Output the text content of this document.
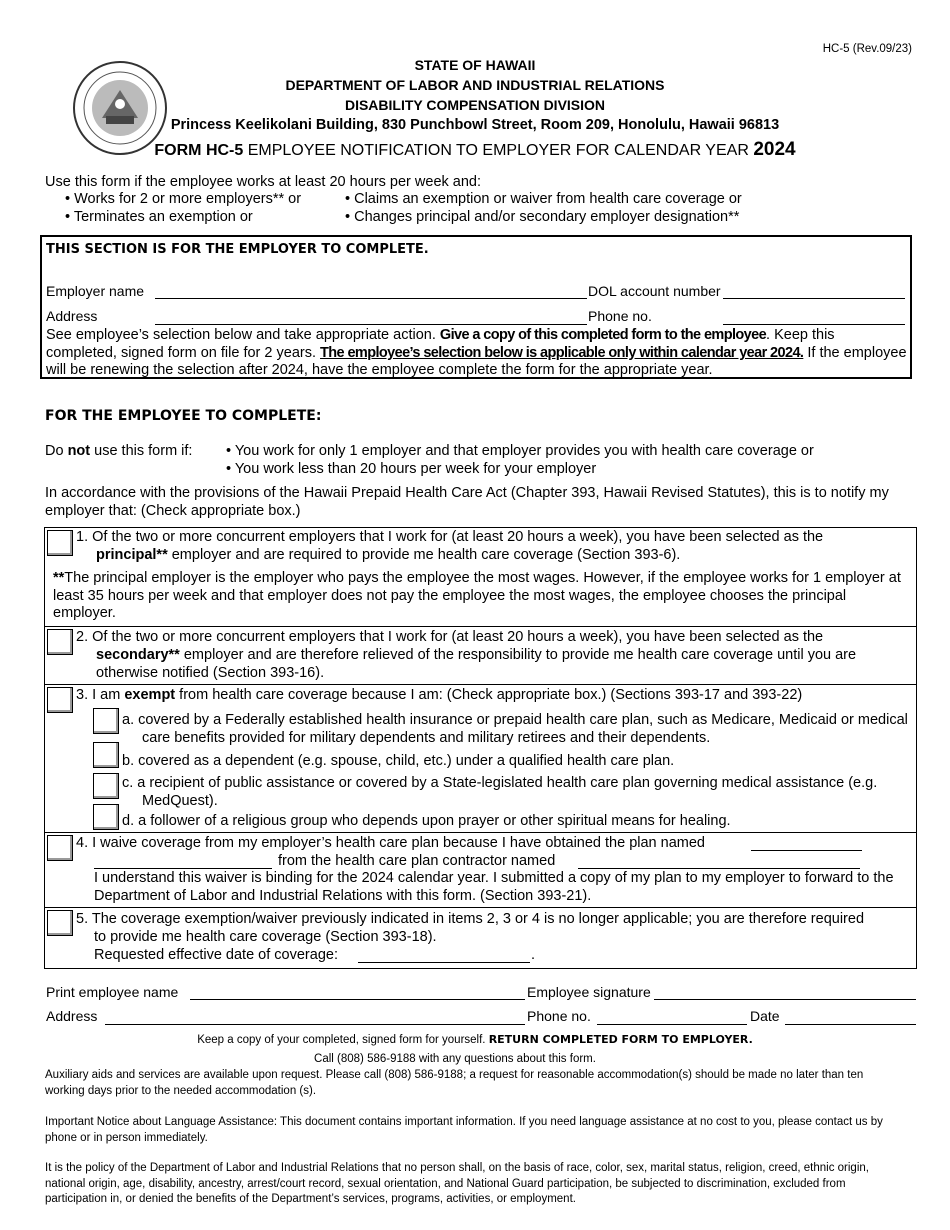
HC-5 (Rev.09/23)
STATE OF HAWAII
DEPARTMENT OF LABOR AND INDUSTRIAL RELATIONS
DISABILITY COMPENSATION DIVISION
Princess Keelikolani Building, 830 Punchbowl Street, Room 209, Honolulu, Hawaii 96813
FORM HC-5 EMPLOYEE NOTIFICATION TO EMPLOYER FOR CALENDAR YEAR 2024
Use this form if the employee works at least 20 hours per week and:
• Works for 2 or more employers** or
• Terminates an exemption or
• Claims an exemption or waiver from health care coverage or
• Changes principal and/or secondary employer designation**
THIS SECTION IS FOR THE EMPLOYER TO COMPLETE.
Employer name	DOL account number
Address	Phone no.
See employee’s selection below and take appropriate action. Give a copy of this completed form to the employee. Keep this completed, signed form on file for 2 years. The employee’s selection below is applicable only within calendar year 2024. If the employee will be renewing the selection after 2024, have the employee complete the form for the appropriate year.
FOR THE EMPLOYEE TO COMPLETE:
Do not use this form if: • You work for only 1 employer and that employer provides you with health care coverage or
• You work less than 20 hours per week for your employer
In accordance with the provisions of the Hawaii Prepaid Health Care Act (Chapter 393, Hawaii Revised Statutes), this is to notify my employer that: (Check appropriate box.)
1. Of the two or more concurrent employers that I work for (at least 20 hours a week), you have been selected as the
principal** employer and are required to provide me health care coverage (Section 393-6).
**The principal employer is the employer who pays the employee the most wages. However, if the employee works for 1 employer at least 35 hours per week and that employer does not pay the employee the most wages, the employee chooses the principal employer.
2. Of the two or more concurrent employers that I work for (at least 20 hours a week), you have been selected as the
secondary** employer and are therefore relieved of the responsibility to provide me health care coverage until you are otherwise notified (Section 393-16).
3. I am exempt from health care coverage because I am: (Check appropriate box.) (Sections 393-17 and 393-22)
a. covered by a Federally established health insurance or prepaid health care plan, such as Medicare, Medicaid or medical care benefits provided for military dependents and military retirees and their dependents.
b. covered as a dependent (e.g. spouse, child, etc.) under a qualified health care plan.
c. a recipient of public assistance or covered by a State-legislated health care plan governing medical assistance (e.g. MedQuest).
d. a follower of a religious group who depends upon prayer or other spiritual means for healing.
4. I waive coverage from my employer’s health care plan because I have obtained the plan named
from the health care plan contractor named
I understand this waiver is binding for the 2024 calendar year. I submitted a copy of my plan to my employer to forward to the Department of Labor and Industrial Relations with this form. (Section 393-21).
5. The coverage exemption/waiver previously indicated in items 2, 3 or 4 is no longer applicable; you are therefore required to provide me health care coverage (Section 393-18).
Requested effective date of coverage:	.
Print employee name	Employee signature
Address	Phone no.	Date
Keep a copy of your completed, signed form for yourself. RETURN COMPLETED FORM TO EMPLOYER.
Call (808) 586-9188 with any questions about this form.
Auxiliary aids and services are available upon request. Please call (808) 586-9188; a request for reasonable accommodation(s) should be made no later than ten working days prior to the needed accommodation (s).
Important Notice about Language Assistance: This document contains important information. If you need language assistance at no cost to you, please contact us by phone or in person immediately.
It is the policy of the Department of Labor and Industrial Relations that no person shall, on the basis of race, color, sex, marital status, religion, creed, ethnic origin, national origin, age, disability, ancestry, arrest/court record, sexual orientation, and National Guard participation, be subjected to discrimination, excluded from participation in, or denied the benefits of the Department’s services, programs, activities, or employment.
